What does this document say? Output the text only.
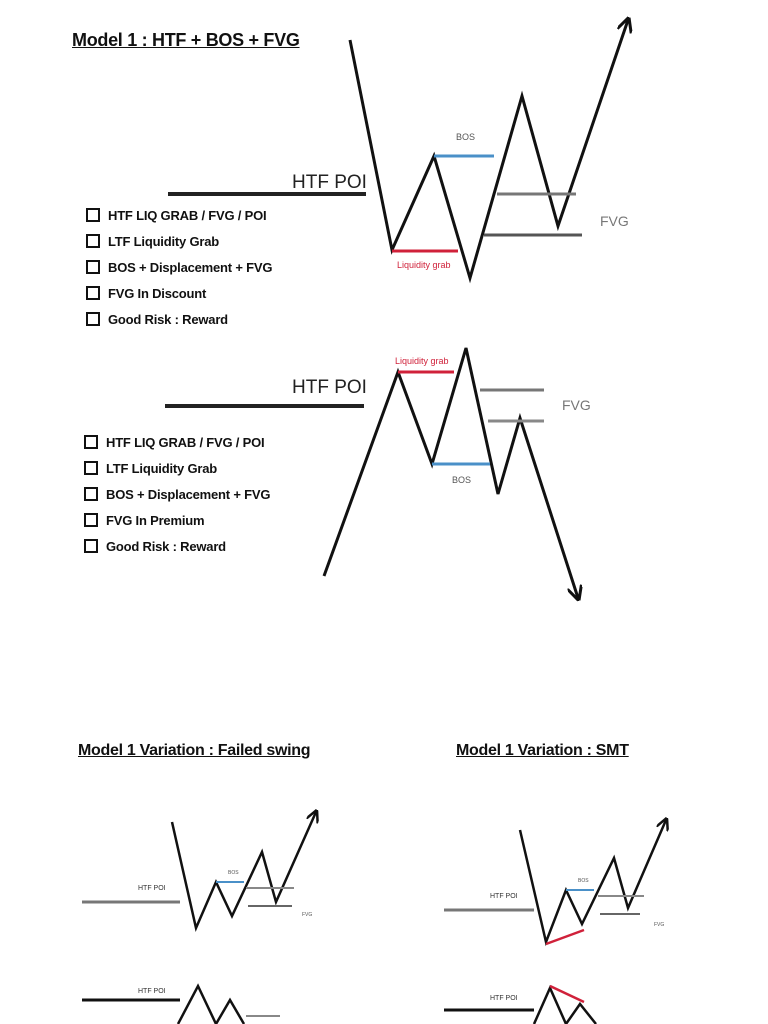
Model 1 : HTF + BOS + FVG
Model 1 Variation : Failed swing	Model 1 Variation : SMT
HTF LIQ GRAB / FVG / POI
LTF Liquidity Grab
BOS + Displacement + FVG
FVG In Discount
Good Risk : Reward
HTF LIQ GRAB / FVG / POI
LTF Liquidity Grab
BOS + Displacement + FVG
FVG In Premium
Good Risk : Reward
HTF POI
BOS
Liquidity grab
FVG
HTF POI
Liquidity grab
BOS
FVG
HTF POI
BOS
FVG
HTF POI
HTF POI
BOS
FVG
HTF POI
